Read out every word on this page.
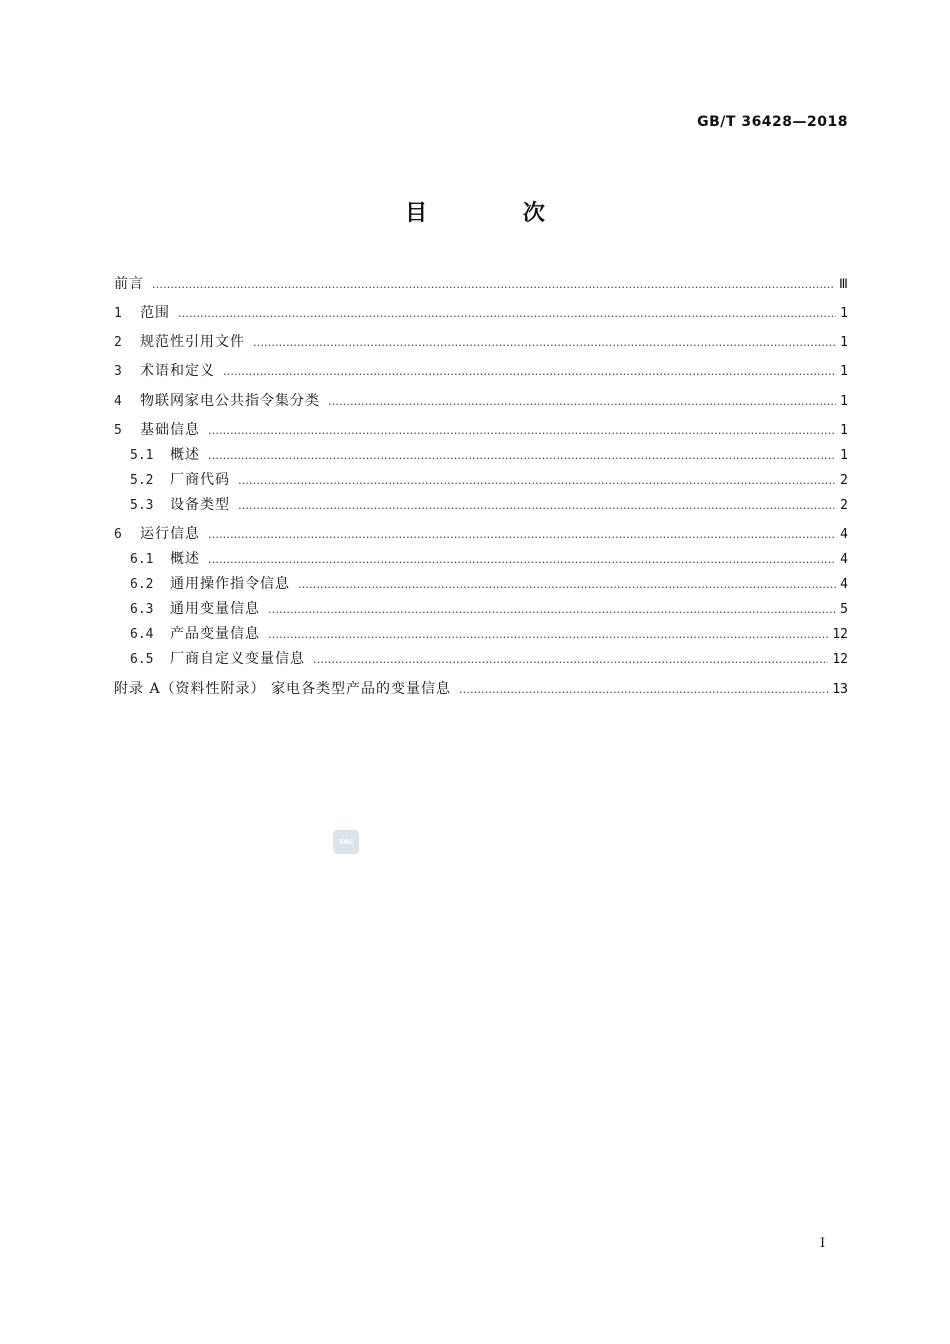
GB/T 36428—2018
目 次
前言 …………………………………………………………………………………………………………………………………………………………………………………………………………………………………………………………………………	Ⅲ
1	范围 …………………………………………………………………………………………………………………………………………………………………………………………………………………………………………………………………………	1
2	规范性引用文件 …………………………………………………………………………………………………………………………………………………………………………………………………………………………………………………………………………	1
3	术语和定义 …………………………………………………………………………………………………………………………………………………………………………………………………………………………………………………………………………	1
4	物联网家电公共指令集分类 …………………………………………………………………………………………………………………………………………………………………………………………………………………………………………………………………………	1
5	基础信息 …………………………………………………………………………………………………………………………………………………………………………………………………………………………………………………………………………	1
5.1	概述 …………………………………………………………………………………………………………………………………………………………………………………………………………………………………………………………………………	1
5.2	厂商代码 …………………………………………………………………………………………………………………………………………………………………………………………………………………………………………………………………………	2
5.3	设备类型 …………………………………………………………………………………………………………………………………………………………………………………………………………………………………………………………………………	2
6	运行信息 …………………………………………………………………………………………………………………………………………………………………………………………………………………………………………………………………………	4
6.1	概述 …………………………………………………………………………………………………………………………………………………………………………………………………………………………………………………………………………	4
6.2	通用操作指令信息 …………………………………………………………………………………………………………………………………………………………………………………………………………………………………………………………………………	4
6.3	通用变量信息 …………………………………………………………………………………………………………………………………………………………………………………………………………………………………………………………………………	5
6.4	产品变量信息 …………………………………………………………………………………………………………………………………………………………………………………………………………………………………………………………………………	12
6.5	厂商自定义变量信息 …………………………………………………………………………………………………………………………………………………………………………………………………………………………………………………………………………	12
附录 A（资料性附录） 家电各类型产品的变量信息 …………………………………………………………………………………………………………………………………………………………………………………………………………………………………………………………………………	13
SAC
I
